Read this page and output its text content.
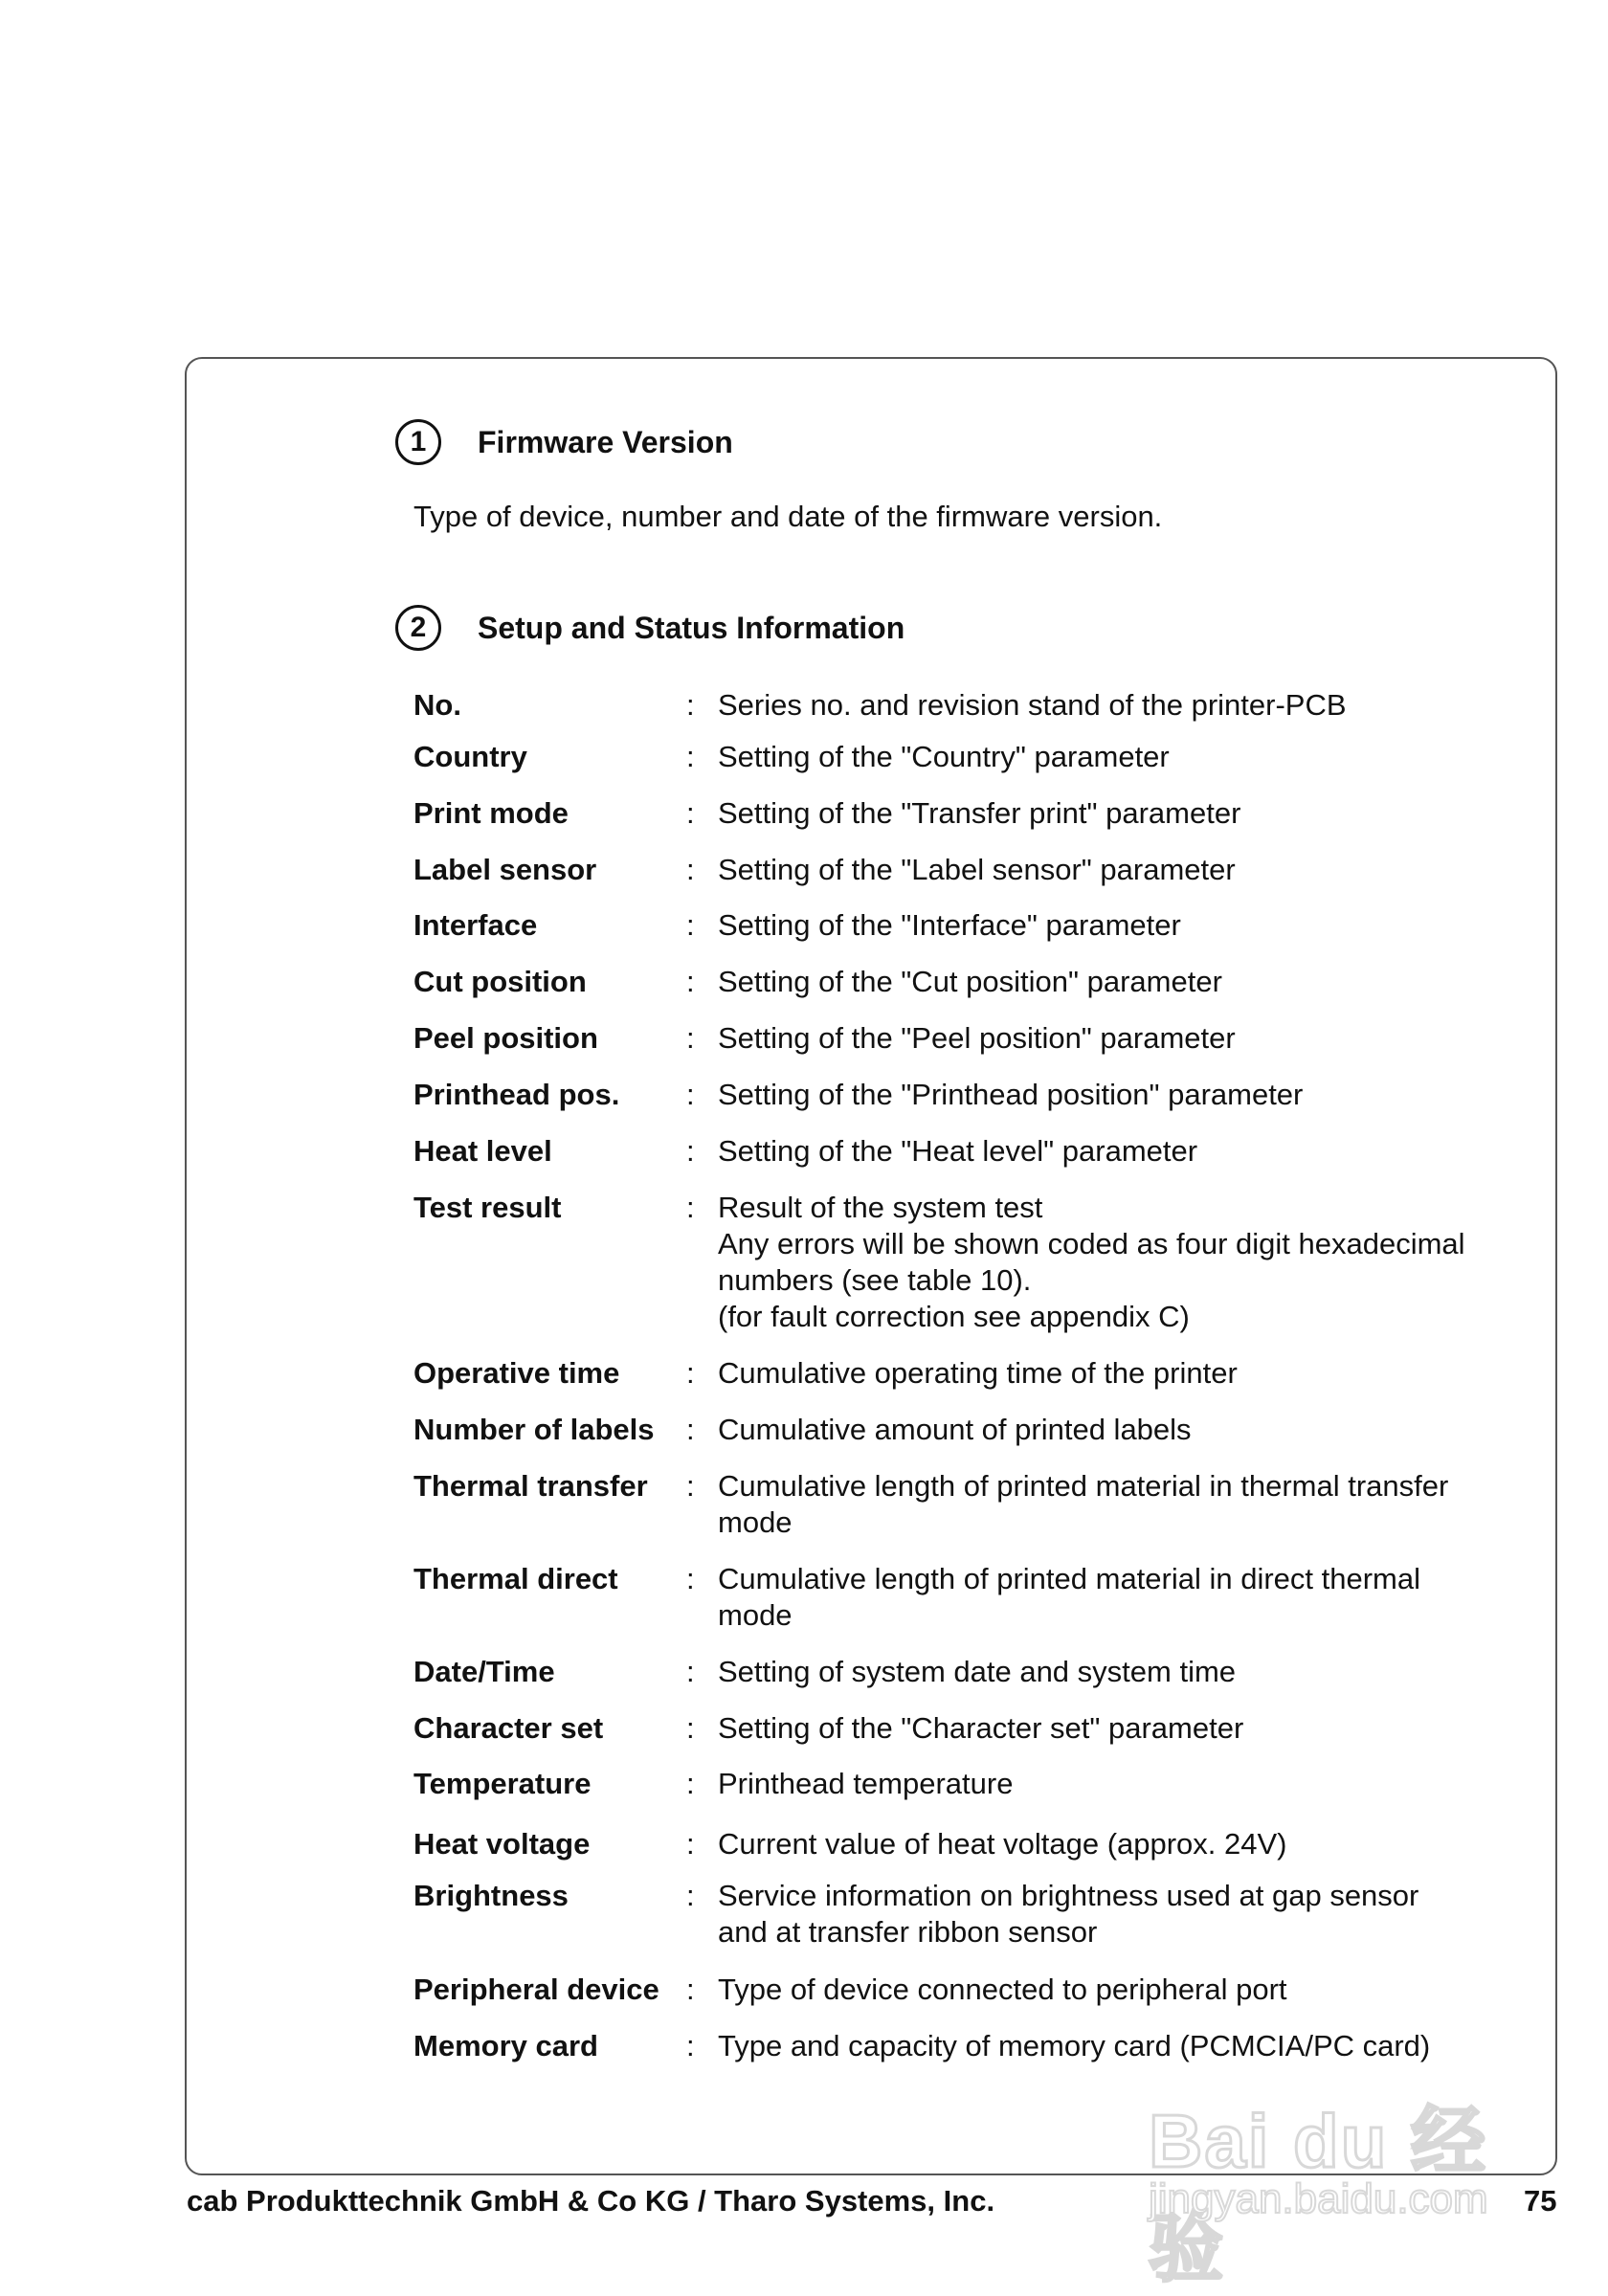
1	Firmware Version
Type of device, number and date of the firmware version.
2	Setup and Status Information
No.	: Series no. and revision stand of the printer-PCB
Country	: Setting of the "Country" parameter
Print mode	: Setting of the "Transfer print" parameter
Label sensor	: Setting of the "Label sensor" parameter
Interface	: Setting of the "Interface" parameter
Cut position	: Setting of the "Cut position" parameter
Peel position	: Setting of the "Peel position" parameter
Printhead pos. : Setting of the "Printhead position" parameter
Heat level	: Setting of the "Heat level" parameter
Test result	: Result of the system test
Any errors will be shown coded as four digit hexadecimal
numbers (see table 10).
(for fault correction see appendix C)
Operative time : Cumulative operating time of the printer
Number of labels : Cumulative amount of printed labels
Thermal transfer : Cumulative length of printed material in thermal transfer
mode
Thermal direct : Cumulative length of printed material in direct thermal
mode
Date/Time	: Setting of system date and system time
Character set	: Setting of the "Character set" parameter
Temperature	: Printhead temperature
Heat voltage	: Current value of heat voltage (approx. 24V)
Brightness	: Service information on brightness used at gap sensor
and at transfer ribbon sensor
Peripheral device : Type of device connected to peripheral port
Memory card	: Type and capacity of memory card (PCMCIA/PC card)
cab Produkttechnik GmbH & Co KG / Tharo Systems, Inc.	75
Bai du 经验
jingyan.baidu.com
